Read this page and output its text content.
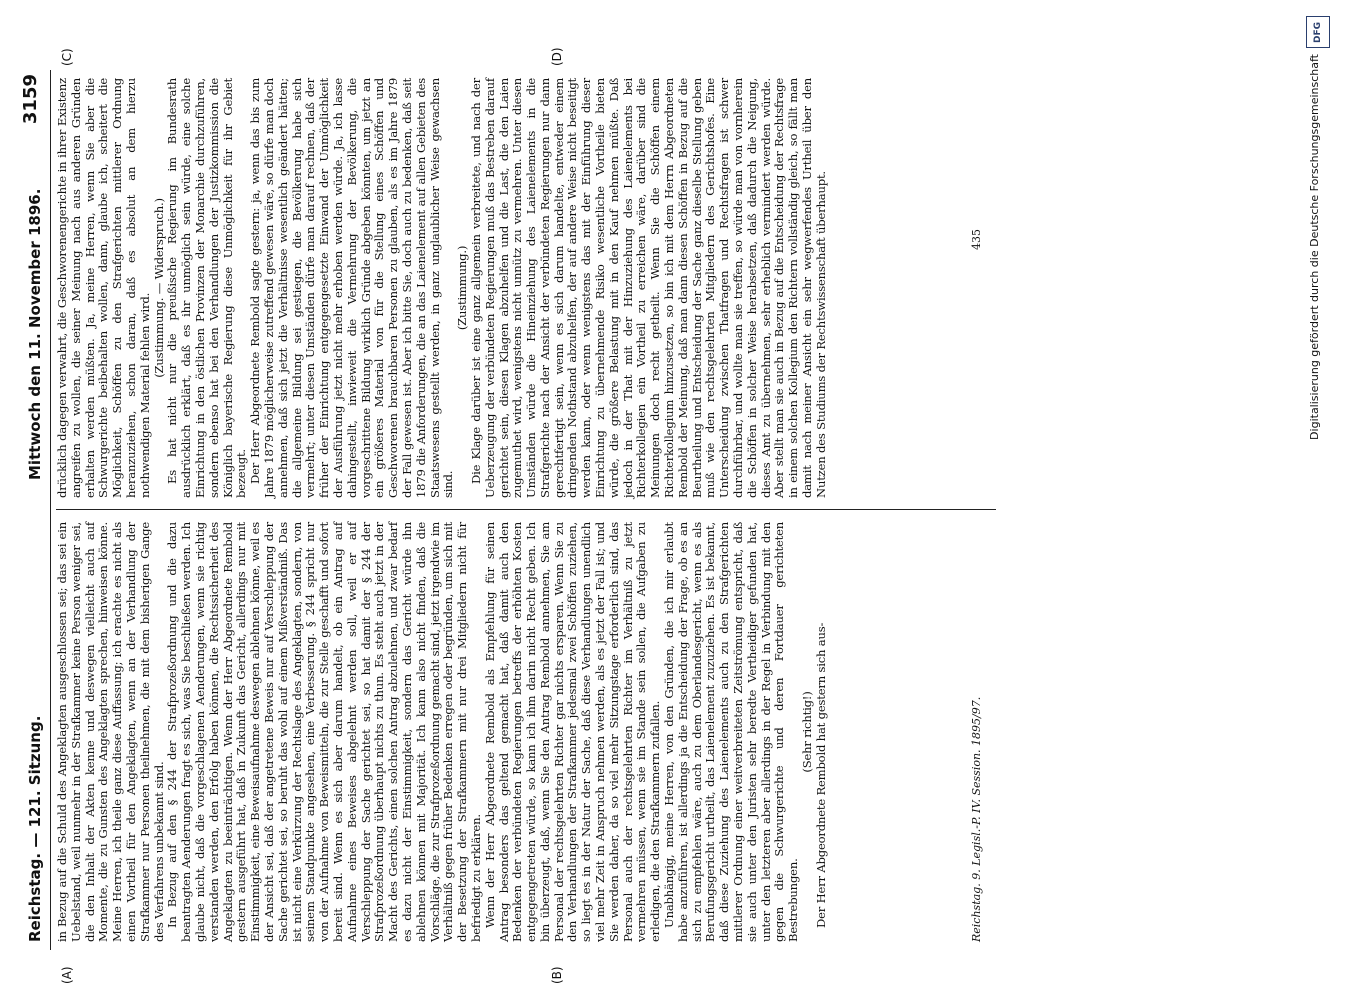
Reichstag. — 121. Sitzung.
Mittwoch den 11. November 1896.
3159
(A)	(B)
(C)	(D)

in Bezug auf die Schuld des Angeklagten ausgeschlossen sei; das sei ein Uebelstand, weil nunmehr in der Strafkammer keine Person weniger sei, die den Inhalt der Akten kenne und deswegen vielleicht auch auf Momente, die zu Gunsten des Angeklagten sprechen, hinweisen könne. Meine Herren, ich theile ganz diese Auffassung; ich erachte es nicht als einen Vortheil für den Angeklagten, wenn an der Verhandlung der Strafkammer nur Personen theilnehmen, die mit dem bisherigen Gange des Verfahrens unbekannt sind. In Bezug auf den § 244 der Strafprozeßordnung und die dazu beantragten Aenderungen fragt es sich, was Sie beschließen werden. Ich glaube nicht, daß die vorgeschlagenen Aenderungen, wenn sie richtig verstanden werden, den Erfolg haben können, die Rechtssicherheit des Angeklagten zu beeinträchtigen. Wenn der Herr Abgeordnete Rembold gestern ausgeführt hat, daß in Zukunft das Gericht, allerdings nur mit Einstimmigkeit, eine Beweisaufnahme deswegen ablehnen könne, weil es der Ansicht sei, daß der angetretene Beweis nur auf Verschleppung der Sache gerichtet sei, so beruht das wohl auf einem Mißverständniß. Das ist nicht eine Verkürzung der Rechtslage des Angeklagten, sondern, von seinem Standpunkte angesehen, eine Verbesserung. § 244 spricht nur von der Aufnahme von Beweismitteln, die zur Stelle geschafft und sofort bereit sind. Wenn es sich aber darum handelt, ob ein Antrag auf Aufnahme eines Beweises abgelehnt werden soll, weil er auf Verschleppung der Sache gerichtet sei, so hat damit der § 244 der Strafprozeßordnung überhaupt nichts zu thun. Es steht auch jetzt in der Macht des Gerichts, einen solchen Antrag abzulehnen, und zwar bedarf es dazu nicht der Einstimmigkeit, sondern das Gericht würde ihn ablehnen können mit Majorität. Ich kann also nicht finden, daß die Vorschläge, die zur Strafprozeßordnung gemacht sind, jetzt irgendwie im Verhältniß gegen früher Bedenken erregen oder begründen, um sich mit der Besetzung der Strafkammern mit nur drei Mitgliedern nicht für befriedigt zu erklären. Wenn der Herr Abgeordnete Rembold als Empfehlung für seinen Antrag besonders das geltend gemacht hat, daß damit auch den Bedenken der verbündeten Regierungen betreffs der erhöhten Kosten entgegengetreten würde, so kann ich ihm darin nicht Recht geben. Ich bin überzeugt, daß, wenn Sie den Antrag Rembold annehmen, Sie am Personal der rechtsgelehrten Richter gar nichts ersparen. Wenn Sie zu den Verhandlungen der Strafkammer jedesmal zwei Schöffen zuziehen, so liegt es in der Natur der Sache, daß diese Verhandlungen unendlich viel mehr Zeit in Anspruch nehmen werden, als es jetzt der Fall ist; und Sie werden daher, da so viel mehr Sitzungstage erforderlich sind, das Personal auch der rechtsgelehrten Richter im Verhältniß zu jetzt vermehren müssen, wenn sie im Stande sein sollen, die Aufgaben zu erledigen, die den Strafkammern zufallen. Unabhängig, meine Herren, von den Gründen, die ich mir erlaubt habe anzuführen, ist allerdings ja die Entscheidung der Frage, ob es an sich zu empfehlen wäre, auch zu dem Oberlandesgericht, wenn es als Berufungsgericht urtheilt, das Laienelement zuzuziehen. Es ist bekannt, daß diese Zuziehung des Laienelements auch zu den Strafgerichten mittlerer Ordnung einer weitverbreiteten Zeitströmung entspricht, daß sie auch unter den Juristen sehr beredte Vertheidiger gefunden hat, unter den letzteren aber allerdings in der Regel in Verbindung mit den gegen die Schwurgerichte und deren Fortdauer gerichteten Bestrebungen.

(Sehr richtig!) Der Herr Abgeordnete Rembold hat gestern sich aus-

drücklich dagegen verwahrt, die Geschworenengerichte in ihrer Existenz angreifen zu wollen, die seiner Meinung nach aus anderen Gründen erhalten werden müßten. Ja, meine Herren, wenn Sie aber die Schwurgerichte beibehalten wollen, dann, glaube ich, scheitert die Möglichkeit, Schöffen zu den Strafgerichten mittlerer Ordnung heranzuziehen, schon daran, daß es absolut an dem hierzu nothwendigen Material fehlen wird.

(Zustimmung. — Widerspruch.) Es hat nicht nur die preußische Regierung im Bundesrath ausdrücklich erklärt, daß es ihr unmöglich sein würde, eine solche Einrichtung in den östlichen Provinzen der Monarchie durchzuführen, sondern ebenso hat bei den Verhandlungen der Justizkommission die Königlich bayerische Regierung diese Unmöglichkeit für ihr Gebiet bezeugt. Der Herr Abgeordnete Rembold sagte gestern: ja, wenn das bis zum Jahre 1879 möglicherweise zutreffend gewesen wäre, so dürfe man doch annehmen, daß sich jetzt die Verhältnisse wesentlich geändert hätten; die allgemeine Bildung sei gestiegen, die Bevölkerung habe sich vermehrt; unter diesen Umständen dürfe man darauf rechnen, daß der früher der Einrichtung entgegengesetzte Einwand der Unmöglichkeit der Ausführung jetzt nicht mehr erhoben werden würde. Ja, ich lasse dahingestellt, inwieweit die Vermehrung der Bevölkerung, die vorgeschrittene Bildung wirklich Gründe abgeben könnten, um jetzt an ein größeres Material von für die Stellung eines Schöffen und Geschworenen brauchbaren Personen zu glauben, als es im Jahre 1879 der Fall gewesen ist. Aber ich bitte Sie, doch auch zu bedenken, daß seit 1879 die Anforderungen, die an das Laienelement auf allen Gebieten des Staatswesens gestellt werden, in ganz unglaublicher Weise gewachsen sind.

(Zustimmung.) Die Klage darüber ist eine ganz allgemein verbreitete, und nach der Ueberzeugung der verbündeten Regierungen muß das Bestreben darauf gerichtet sein, diesen Klagen abzuhelfen und die Last, die den Laien zugemuthet wird, wenigstens nicht unnütz zu vermehren. Unter diesen Umständen würde die Hineinziehung des Laienelements in die Strafgerichte nach der Ansicht der verbündeten Regierungen nur dann gerechtfertigt sein, wenn es sich darum handelte, entweder einem dringenden Nothstand abzuhelfen, der auf andere Weise nicht beseitigt werden kann, oder wenn wenigstens das mit der Einführung dieser Einrichtung zu übernehmende Risiko wesentliche Vortheile bieten würde, die größere Belastung mit in den Kauf nehmen müßte. Daß jedoch in der That mit der Hinzuziehung des Laienelements bei Richterkollegien ein Vortheil zu erreichen wäre, darüber sind die Meinungen doch recht getheilt. Wenn Sie die Schöffen einem Richterkollegium hinzusetzen, so bin ich mit dem Herrn Abgeordneten Rembold der Meinung, daß man dann diesen Schöffen in Bezug auf die Beurtheilung und Entscheidung der Sache ganz dieselbe Stellung geben muß wie den rechtsgelehrten Mitgliedern des Gerichtshofes. Eine Unterscheidung zwischen Thatfragen und Rechtsfragen ist schwer durchführbar, und wollte man sie treffen, so würde man von vornherein die Schöffen in solcher Weise herabsetzen, daß dadurch die Neigung, dieses Amt zu übernehmen, sehr erheblich vermindert werden würde. Aber stellt man sie auch in Bezug auf die Entscheidung der Rechtsfrage in einem solchen Kollegium den Richtern vollständig gleich, so fällt man damit nach meiner Ansicht ein sehr wegwerfendes Urtheil über den Nutzen des Studiums der Rechtswissenschaft überhaupt.

Reichstag. 9. Legisl.-P. IV. Session. 1895/97.
435
DFG
Digitalisierung gefördert durch die Deutsche Forschungsgemeinschaft
